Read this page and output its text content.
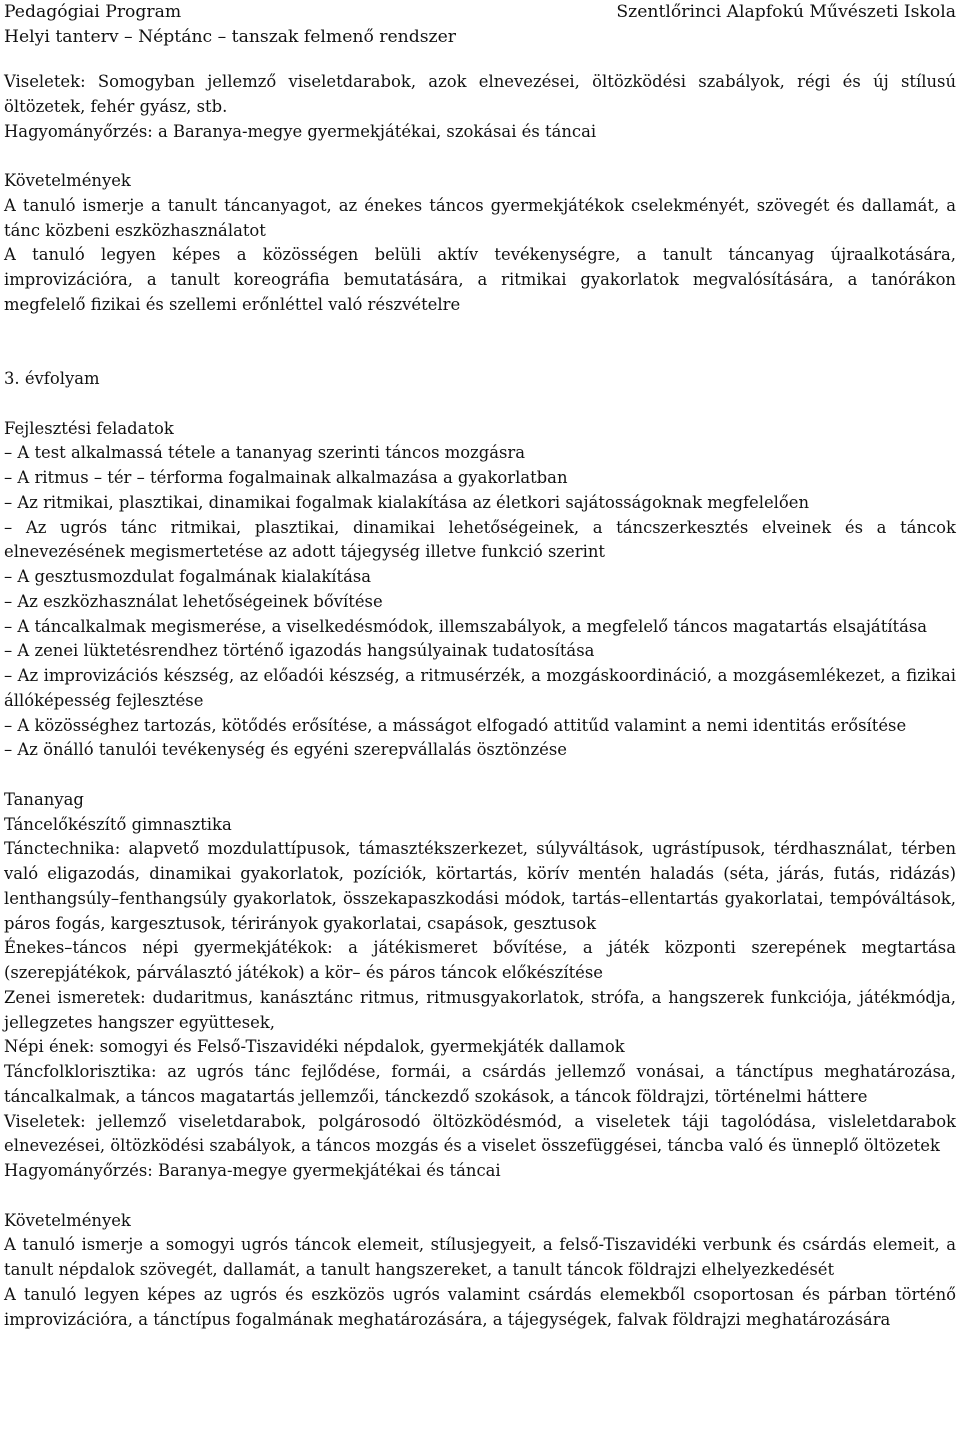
Pedagógiai Program
Helyi tanterv – Néptánc – tanszak felmenő rendszer
Szentlőrinci Alapfokú Művészeti Iskola

Viseletek: Somogyban jellemző viseletdarabok, azok elnevezései, öltözködési szabályok, régi és új stílusú öltözetek, fehér gyász, stb.

Hagyományőrzés: a Baranya-megye gyermekjátékai, szokásai és táncai

Követelmények

A tanuló ismerje a tanult táncanyagot, az énekes táncos gyermekjátékok cselekményét, szövegét és dallamát, a tánc közbeni eszközhasználatot

A tanuló legyen képes a közösségen belüli aktív tevékenységre, a tanult táncanyag újraalkotására, improvizációra, a tanult koreográfia bemutatására, a ritmikai gyakorlatok megvalósítására, a tanórákon megfelelő fizikai és szellemi erőnléttel való részvételre

3. évfolyam

Fejlesztési feladatok

– A test alkalmassá tétele a tananyag szerinti táncos mozgásra

– A ritmus – tér – térforma fogalmainak alkalmazása a gyakorlatban

– Az ritmikai, plasztikai, dinamikai fogalmak kialakítása az életkori sajátosságoknak megfelelően

– Az ugrós tánc ritmikai, plasztikai, dinamikai lehetőségeinek, a táncszerkesztés elveinek és a táncok elnevezésének megismertetése az adott tájegység illetve funkció szerint

– A gesztusmozdulat fogalmának kialakítása

– Az eszközhasználat lehetőségeinek bővítése

– A táncalkalmak megismerése, a viselkedésmódok, illemszabályok, a megfelelő táncos magatartás elsajátítása

– A zenei lüktetésrendhez történő igazodás hangsúlyainak tudatosítása

– Az improvizációs készség, az előadói készség, a ritmusérzék, a mozgáskoordináció, a mozgásemlékezet, a fizikai állóképesség fejlesztése

– A közösséghez tartozás, kötődés erősítése, a másságot elfogadó attitűd valamint a nemi identitás erősítése

– Az önálló tanulói tevékenység és egyéni szerepvállalás ösztönzése

Tananyag

Táncelőkészítő gimnasztika

Tánctechnika: alapvető mozdulattípusok, támasztékszerkezet, súlyváltások, ugrástípusok, térdhasználat, térben való eligazodás, dinamikai gyakorlatok, pozíciók, körtartás, körív mentén haladás (séta, járás, futás, ridázás) lenthangsúly–fenthangsúly gyakorlatok, összekapaszkodási módok, tartás–ellentartás gyakorlatai, tempóváltások, páros fogás, kargesztusok, térirányok gyakorlatai, csapások, gesztusok

Énekes–táncos népi gyermekjátékok: a játékismeret bővítése, a játék központi szerepének megtartása (szerepjátékok, párválasztó játékok) a kör– és páros táncok előkészítése

Zenei ismeretek: dudaritmus, kanásztánc ritmus, ritmusgyakorlatok, strófa, a hangszerek funkciója, játékmódja, jellegzetes hangszer együttesek,

Népi ének: somogyi és Felső-Tiszavidéki népdalok, gyermekjáték dallamok

Táncfolklorisztika: az ugrós tánc fejlődése, formái, a csárdás jellemző vonásai, a tánctípus meghatározása, táncalkalmak, a táncos magatartás jellemzői, tánckezdő szokások, a táncok földrajzi, történelmi háttere

Viseletek: jellemző viseletdarabok, polgárosodó öltözködésmód, a viseletek táji tagolódása, visleletdarabok elnevezései, öltözködési szabályok, a táncos mozgás és a viselet összefüggései, táncba való és ünneplő öltözetek

Hagyományőrzés: Baranya-megye gyermekjátékai és táncai

Követelmények

A tanuló ismerje a somogyi ugrós táncok elemeit, stílusjegyeit, a felső-Tiszavidéki verbunk és csárdás elemeit, a tanult népdalok szövegét, dallamát, a tanult hangszereket, a tanult táncok földrajzi elhelyezkedését

A tanuló legyen képes az ugrós és eszközös ugrós valamint csárdás elemekből csoportosan és párban történő improvizációra, a tánctípus fogalmának meghatározására, a tájegységek, falvak földrajzi meghatározására
